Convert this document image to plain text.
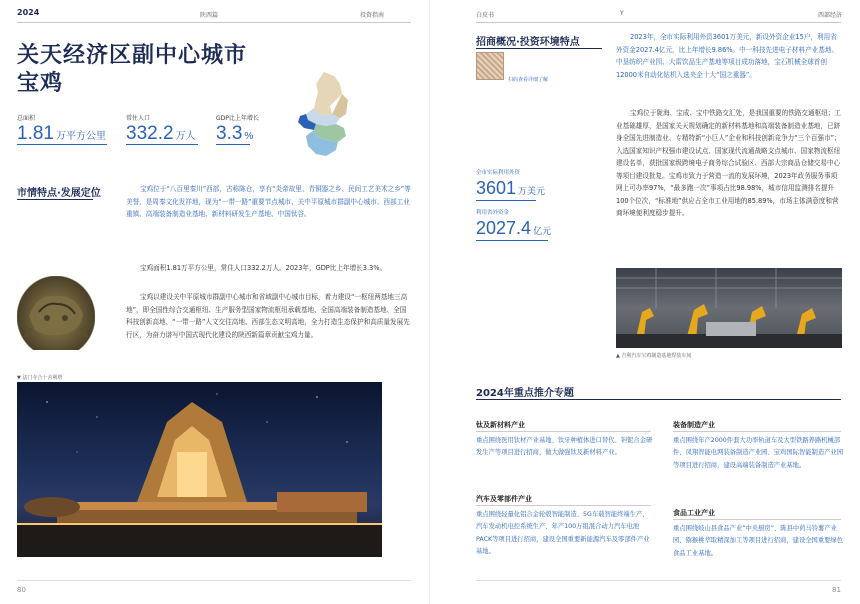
2024	陕西篇	投资指南
关天经济区副中心城市
宝鸡
总面积
1.81 万平方公里
常住人口
332.2 万人
GDP比上年增长
3.3 %
市情特点·发展定位	宝鸡位于“八百里秦川”西部，古称陈仓，享有“炎帝故里、青铜器之乡、民间工艺美术之乡”等美誉，是周秦文化发祥地，现为“一带一路”重要节点城市、关中平原城市群副中心城市、西部工业重镇、高端装备制造业基地、新材料研发生产基地、中国钛谷。
宝鸡面积1.81万平方公里，常住人口332.2万人。2023年，GDP比上年增长3.3%。
宝鸡以建设关中平原城市群副中心城市和省域副中心城市目标，着力建设“一枢纽两基地三高地”，即全国性综合交通枢纽、生产服务型国家物流枢纽承载基地、全国高端装备制造基地、全国科技创新高地、“一带一路”人文交往高地、西部生态文明高地，全力打造生态保护和高质量发展先行区，为奋力谱写中国式现代化建设的陕西新篇章贡献宝鸡力量。
▼ 法门寺合十舍利塔
80
白皮书	Y	西部经济
招商概况·投资环境特点
扫码查看详细了解
2023年，全市实际利用外资3601万美元，新设外资企业15户，利用省外资金2027.4亿元，比上年增长9.86%。中一科技先进电子材料产业基地、中垦纺织产业园、大雷饮品生产基地等项目成功落地，宝石机械全球首创12000米自动化钻机入选央企十大“国之重器”。
宝鸡位于陇海、宝成、宝中铁路交汇处，是我国重要的铁路交通枢纽；工业基础雄厚，是国家关天规划确定的新材料基地和高端装备制造业基地，已跻身全国先进制造业、专精特新“小巨人”企业和科技创新竞争力“三个百强市”；入选国家知识产权强市建设试点、国家现代流通战略支点城市、国家物流枢纽建设名单，获批国家级跨境电子商务综合试验区、西部大宗商品仓储交易中心等项目建设批复。宝鸡市致力于营造一流的发展环境，2023年政务服务事项网上可办率97%，“最多跑一次”事项占比98.98%，城市信用监测排名提升100个位次，“标准地”供应占全市工业用地的85.89%，市场主体满意度和营商环境便利度稳步提升。
全市实际利用外资
3601 万美元
利用省外资金
2027.4 亿元
▲ 吉利汽车宝鸡制造基地焊装车间
2024年重点推介专题
钛及新材料产业
重点围绕医用钛材产业基地、钛牙种植体进口替代、钽铌合金研发生产等项目进行招商，做大做强钛及新材料产业。
装备制造产业
重点围绕年产2000件套大功率轨道车及大型铁路养路机械部件、凤翔智能电网装备制造产业园、宝鸡国际智能制造产业园等项目进行招商，建设高端装备制造产业基地。
汽车及零部件产业
重点围绕轻量化铝合金轮毂智能制造、5G车载智能终端生产、汽车发动机电控系统生产、年产100万组混合动力汽车电池PACK等项目进行招商，建设全国重要新能源汽车及零部件产业基地。
食品工业产业
重点围绕岐山县食品产业“中央厨房”、陈县中荷马铃薯产业园、猕猴桃萃取精深加工等项目进行招商，建设全国重要绿色食品工业基地。
81
